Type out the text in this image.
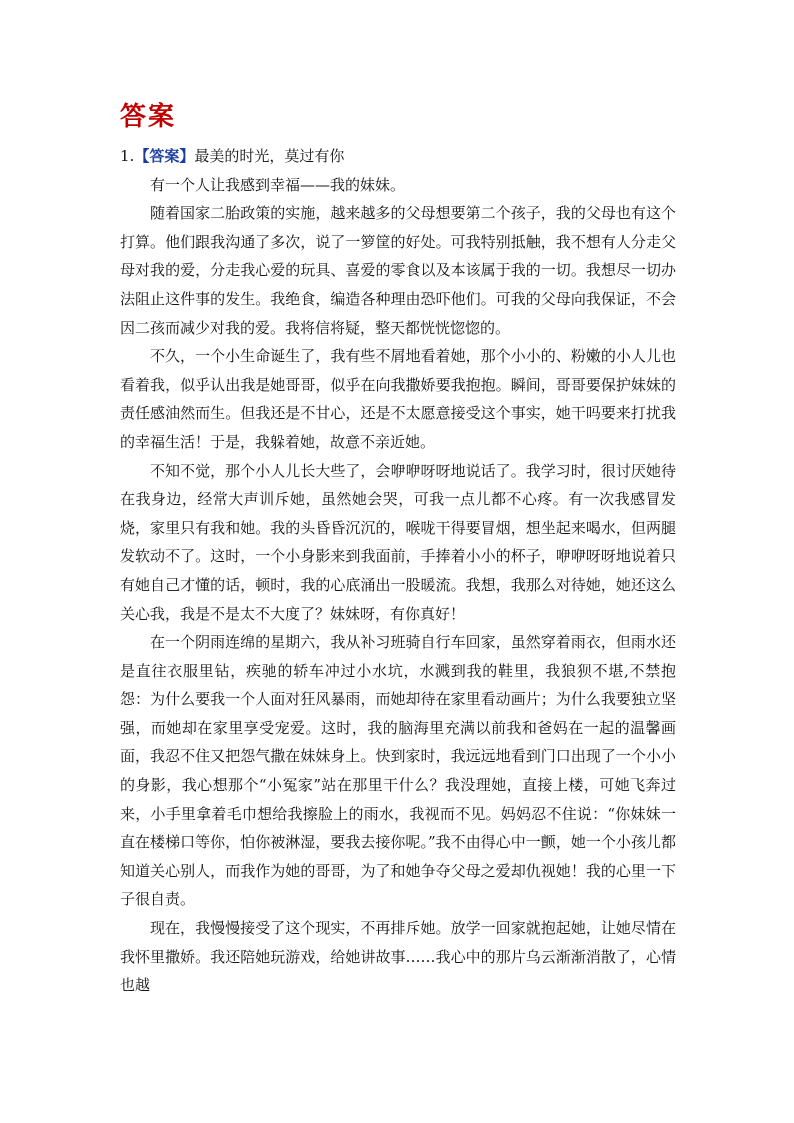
答案

1.【答案】最美的时光，莫过有你

有一个人让我感到幸福——我的妹妹。

随着国家二胎政策的实施，越来越多的父母想要第二个孩子，我的父母也有这个打算。他们跟我沟通了多次，说了一箩筐的好处。可我特别抵触，我不想有人分走父母对我的爱，分走我心爱的玩具、喜爱的零食以及本该属于我的一切。我想尽一切办法阻止这件事的发生。我绝食，编造各种理由恐吓他们。可我的父母向我保证，不会因二孩而减少对我的爱。我将信将疑，整天都恍恍惚惚的。

不久，一个小生命诞生了，我有些不屑地看着她，那个小小的、粉嫩的小人儿也看着我，似乎认出我是她哥哥，似乎在向我撒娇要我抱抱。瞬间，哥哥要保护妹妹的责任感油然而生。但我还是不甘心，还是不太愿意接受这个事实，她干吗要来打扰我的幸福生活！于是，我躲着她，故意不亲近她。

不知不觉，那个小人儿长大些了，会咿咿呀呀地说话了。我学习时，很讨厌她待在我身边，经常大声训斥她，虽然她会哭，可我一点儿都不心疼。有一次我感冒发烧，家里只有我和她。我的头昏昏沉沉的，喉咙干得要冒烟，想坐起来喝水，但两腿发软动不了。这时，一个小身影来到我面前，手捧着小小的杯子，咿咿呀呀地说着只有她自己才懂的话，顿时，我的心底涌出一股暖流。我想，我那么对待她，她还这么关心我，我是不是太不大度了？妹妹呀，有你真好！

在一个阴雨连绵的星期六，我从补习班骑自行车回家，虽然穿着雨衣，但雨水还是直往衣服里钻，疾驰的轿车冲过小水坑，水溅到我的鞋里，我狼狈不堪,不禁抱怨：为什么要我一个人面对狂风暴雨，而她却待在家里看动画片；为什么我要独立坚强，而她却在家里享受宠爱。这时，我的脑海里充满以前我和爸妈在一起的温馨画面，我忍不住又把怨气撒在妹妹身上。快到家时，我远远地看到门口出现了一个小小的身影，我心想那个“小冤家”站在那里干什么？我没理她，直接上楼，可她飞奔过来，小手里拿着毛巾想给我擦脸上的雨水，我视而不见。妈妈忍不住说：“你妹妹一直在楼梯口等你，怕你被淋湿，要我去接你呢。”我不由得心中一颤，她一个小孩儿都知道关心别人，而我作为她的哥哥，为了和她争夺父母之爱却仇视她！我的心里一下子很自责。

现在，我慢慢接受了这个现实，不再排斥她。放学一回家就抱起她，让她尽情在我怀里撒娇。我还陪她玩游戏，给她讲故事……我心中的那片乌云渐渐消散了，心情也越
